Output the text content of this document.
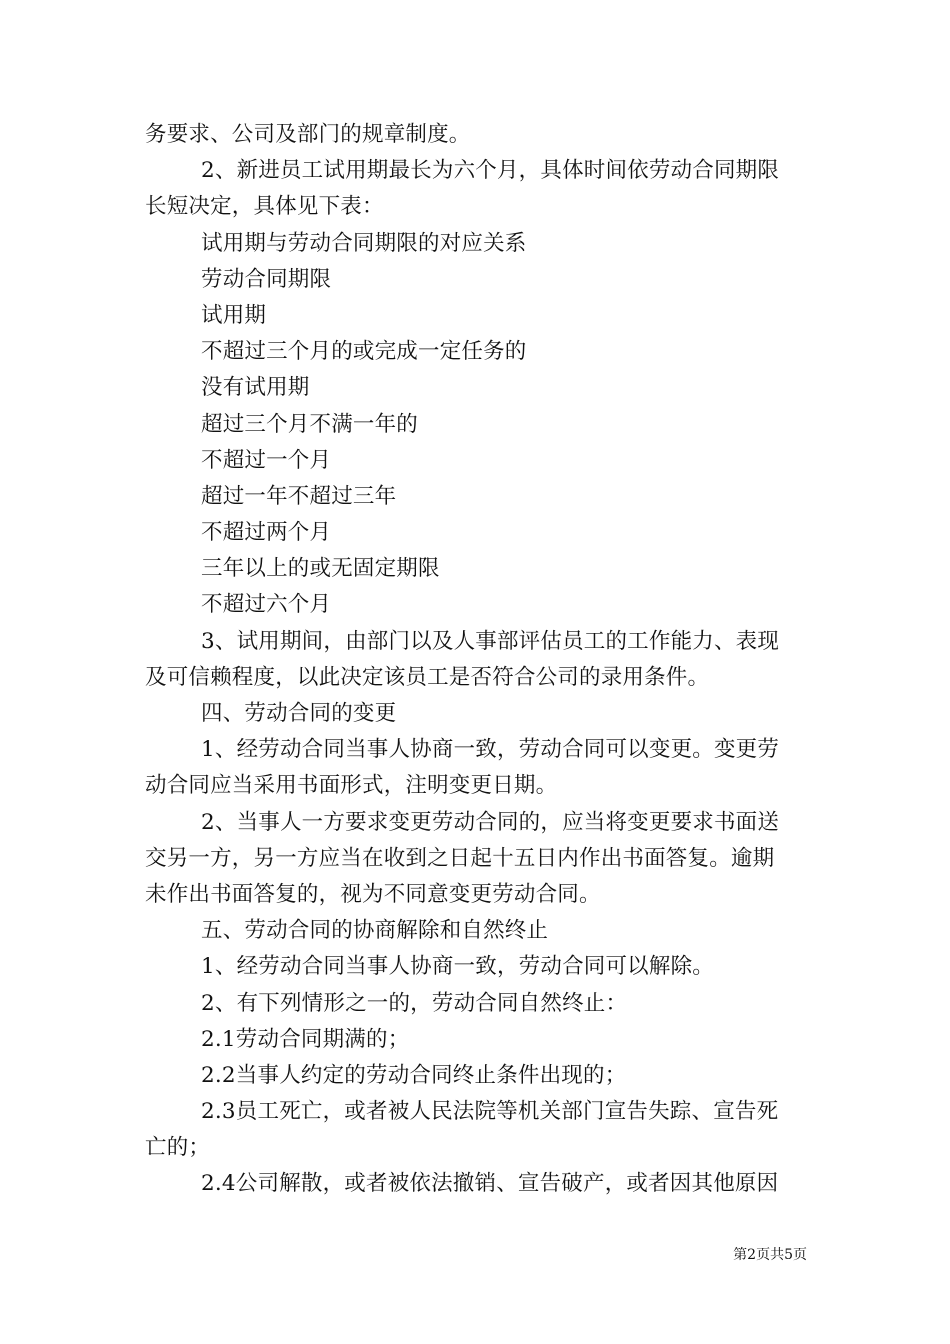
务要求、公司及部门的规章制度。
2、新进员工试用期最长为六个月，具体时间依劳动合同期限
长短决定，具体见下表：
试用期与劳动合同期限的对应关系
劳动合同期限
试用期
不超过三个月的或完成一定任务的
没有试用期
超过三个月不满一年的
不超过一个月
超过一年不超过三年
不超过两个月
三年以上的或无固定期限
不超过六个月
3、试用期间，由部门以及人事部评估员工的工作能力、表现
及可信赖程度，以此决定该员工是否符合公司的录用条件。
四、劳动合同的变更
1、经劳动合同当事人协商一致，劳动合同可以变更。变更劳
动合同应当采用书面形式，注明变更日期。
2、当事人一方要求变更劳动合同的，应当将变更要求书面送
交另一方，另一方应当在收到之日起十五日内作出书面答复。逾期
未作出书面答复的，视为不同意变更劳动合同。
五、劳动合同的协商解除和自然终止
1、经劳动合同当事人协商一致，劳动合同可以解除。
2、有下列情形之一的，劳动合同自然终止：
2.1劳动合同期满的；
2.2当事人约定的劳动合同终止条件出现的；
2.3员工死亡，或者被人民法院等机关部门宣告失踪、宣告死
亡的；
2.4公司解散，或者被依法撤销、宣告破产，或者因其他原因
第2页共5页
